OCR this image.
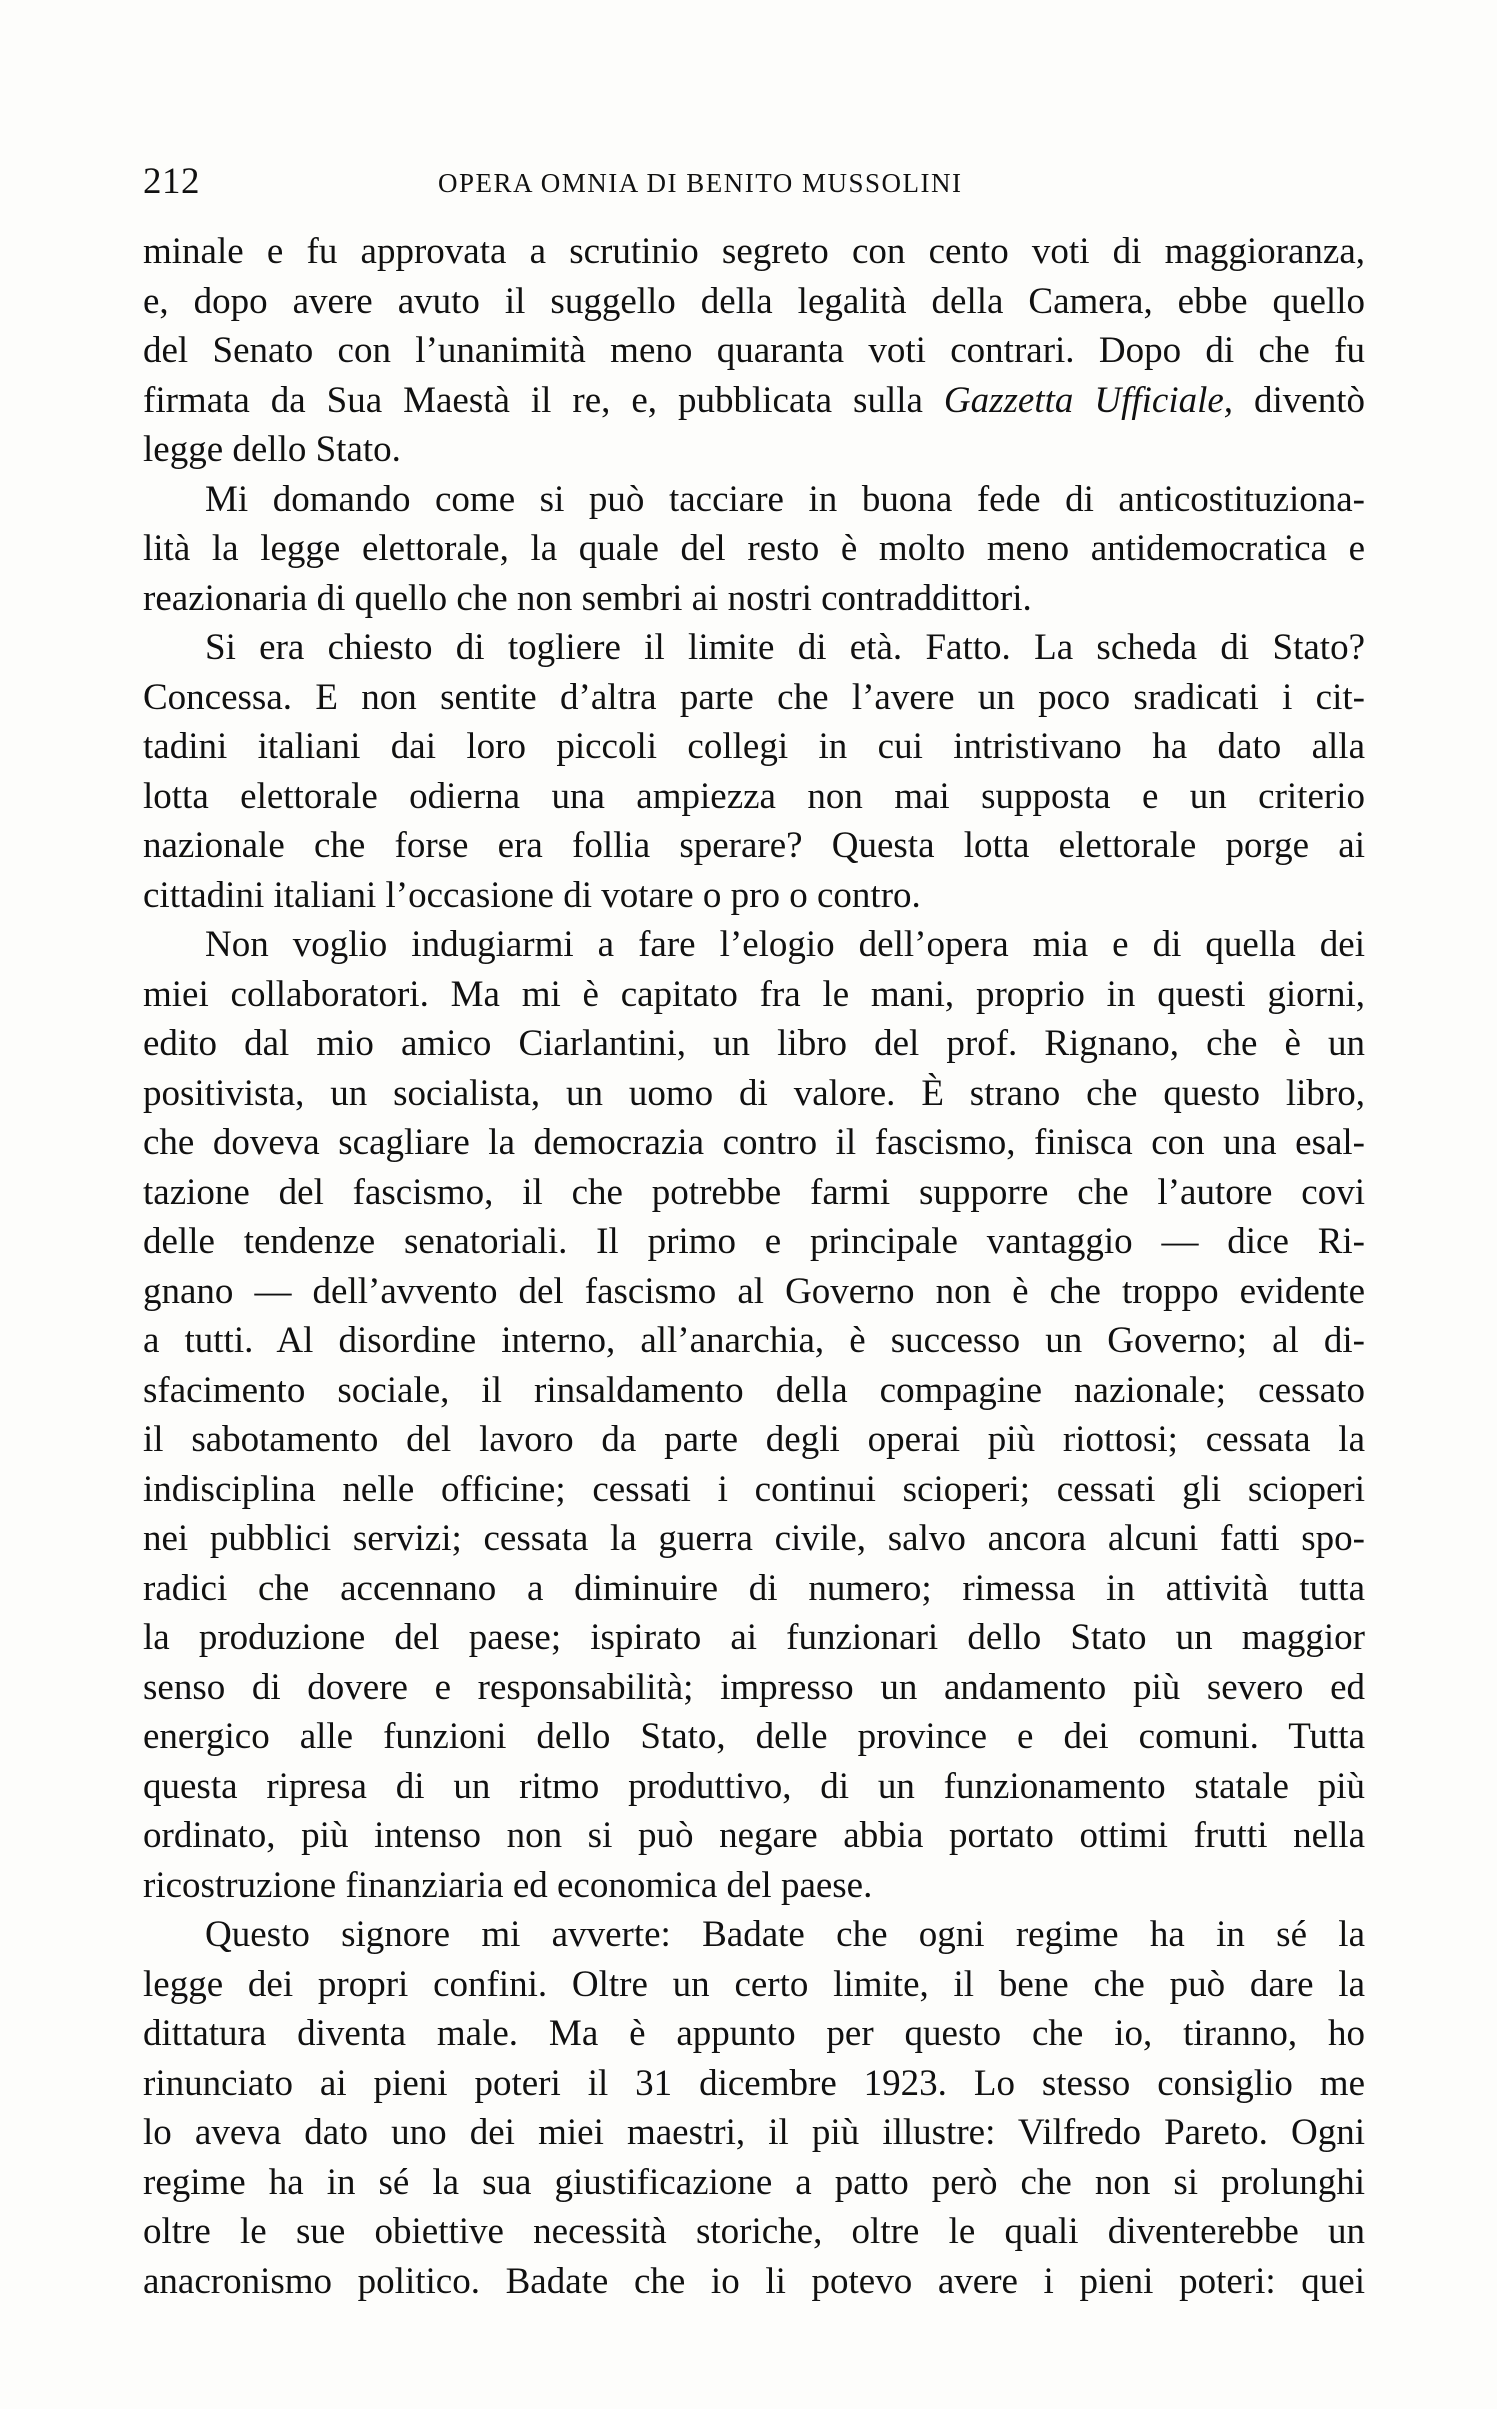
212	OPERA OMNIA DI BENITO MUSSOLINI
minale e fu approvata a scrutinio segreto con cento voti di maggioranza,
e, dopo avere avuto il suggello della legalità della Camera, ebbe quello
del Senato con l’unanimità meno quaranta voti contrari. Dopo di che fu
firmata da Sua Maestà il re, e, pubblicata sulla Gazzetta Ufficiale, diventò
legge dello Stato.
Mi domando come si può tacciare in buona fede di anticostituziona-
lità la legge elettorale, la quale del resto è molto meno antidemocratica e
reazionaria di quello che non sembri ai nostri contraddittori.
Si era chiesto di togliere il limite di età. Fatto. La scheda di Stato?
Concessa. E non sentite d’altra parte che l’avere un poco sradicati i cit-
tadini italiani dai loro piccoli collegi in cui intristivano ha dato alla
lotta elettorale odierna una ampiezza non mai supposta e un criterio
nazionale che forse era follia sperare? Questa lotta elettorale porge ai
cittadini italiani l’occasione di votare o pro o contro.
Non voglio indugiarmi a fare l’elogio dell’opera mia e di quella dei
miei collaboratori. Ma mi è capitato fra le mani, proprio in questi giorni,
edito dal mio amico Ciarlantini, un libro del prof. Rignano, che è un
positivista, un socialista, un uomo di valore. È strano che questo libro,
che doveva scagliare la democrazia contro il fascismo, finisca con una esal-
tazione del fascismo, il che potrebbe farmi supporre che l’autore covi
delle tendenze senatoriali. Il primo e principale vantaggio — dice Ri-
gnano — dell’avvento del fascismo al Governo non è che troppo evidente
a tutti. Al disordine interno, all’anarchia, è successo un Governo; al di-
sfacimento sociale, il rinsaldamento della compagine nazionale; cessato
il sabotamento del lavoro da parte degli operai più riottosi; cessata la
indisciplina nelle officine; cessati i continui scioperi; cessati gli scioperi
nei pubblici servizi; cessata la guerra civile, salvo ancora alcuni fatti spo-
radici che accennano a diminuire di numero; rimessa in attività tutta
la produzione del paese; ispirato ai funzionari dello Stato un maggior
senso di dovere e responsabilità; impresso un andamento più severo ed
energico alle funzioni dello Stato, delle province e dei comuni. Tutta
questa ripresa di un ritmo produttivo, di un funzionamento statale più
ordinato, più intenso non si può negare abbia portato ottimi frutti nella
ricostruzione finanziaria ed economica del paese.
Questo signore mi avverte: Badate che ogni regime ha in sé la
legge dei propri confini. Oltre un certo limite, il bene che può dare la
dittatura diventa male. Ma è appunto per questo che io, tiranno, ho
rinunciato ai pieni poteri il 31 dicembre 1923. Lo stesso consiglio me
lo aveva dato uno dei miei maestri, il più illustre: Vilfredo Pareto. Ogni
regime ha in sé la sua giustificazione a patto però che non si prolunghi
oltre le sue obiettive necessità storiche, oltre le quali diventerebbe un
anacronismo politico. Badate che io li potevo avere i pieni poteri: quei
